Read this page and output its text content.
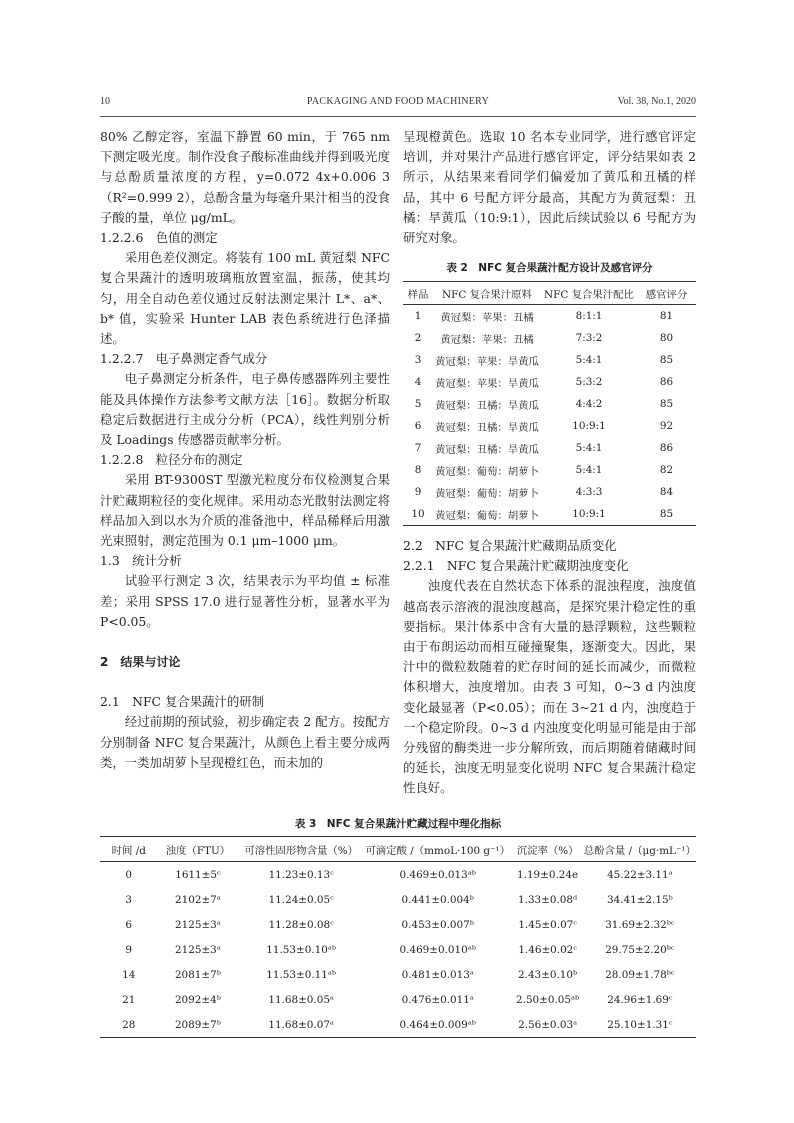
PACKAGING AND FOOD MACHINERY
10	Vol. 38, No.1, 2020

80% 乙醇定容，室温下静置 60 min，于 765 nm 下测定吸光度。制作没食子酸标准曲线并得到吸光度与总酚质量浓度的方程，y=0.072 4x+0.006 3（R²=0.999 2），总酚含量为每毫升果汁相当的没食子酸的量，单位 μg/mL。

1.2.2.6　色值的测定

采用色差仪测定。将装有 100 mL 黄冠梨 NFC 复合果蔬汁的透明玻璃瓶放置室温，振荡，使其均匀，用全自动色差仪通过反射法测定果汁 L*、a*、b* 值，实验采 Hunter LAB 表色系统进行色泽描述。

1.2.2.7　电子鼻测定香气成分

电子鼻测定分析条件，电子鼻传感器阵列主要性能及具体操作方法参考文献方法［16］。数据分析取稳定后数据进行主成分分析（PCA），线性判别分析及 Loadings 传感器贡献率分析。

1.2.2.8　粒径分布的测定

采用 BT-9300ST 型激光粒度分布仪检测复合果汁贮藏期粒径的变化规律。采用动态光散射法测定将样品加入到以水为介质的准备池中，样品稀释后用激光束照射，测定范围为 0.1 μm–1000 μm。

1.3　统计分析

试验平行测定 3 次，结果表示为平均值 ± 标准差；采用 SPSS 17.0 进行显著性分析，显著水平为 P<0.05。

2　结果与讨论

2.1　NFC 复合果蔬汁的研制

经过前期的预试验，初步确定表 2 配方。按配方分别制备 NFC 复合果蔬汁，从颜色上看主要分成两类，一类加胡萝卜呈现橙红色，而未加的

呈现橙黄色。选取 10 名本专业同学，进行感官评定培训，并对果汁产品进行感官评定，评分结果如表 2 所示，从结果来看同学们偏爱加了黄瓜和丑橘的样品，其中 6 号配方评分最高，其配方为黄冠梨：丑橘：旱黄瓜（10:9:1），因此后续试验以 6 号配方为研究对象。

表 2　NFC 复合果蔬汁配方设计及感官评分
样品	NFC 复合果汁原料	NFC 复合果汁配比	感官评分
1	黄冠梨：苹果：丑橘	8:1:1	81
2	黄冠梨：苹果：丑橘	7:3:2	80
3	黄冠梨：苹果：旱黄瓜	5:4:1	85
4	黄冠梨：苹果：旱黄瓜	5:3:2	86
5	黄冠梨：丑橘：旱黄瓜	4:4:2	85
6	黄冠梨：丑橘：旱黄瓜	10:9:1	92
7	黄冠梨：丑橘：旱黄瓜	5:4:1	86
8	黄冠梨：葡萄：胡萝卜	5:4:1	82
9	黄冠梨：葡萄：胡萝卜	4:3:3	84
10	黄冠梨：葡萄：胡萝卜	10:9:1	85

2.2　NFC 复合果蔬汁贮藏期品质变化

2.2.1　NFC 复合果蔬汁贮藏期浊度变化

浊度代表在自然状态下体系的混浊程度，浊度值越高表示溶液的混浊度越高，是探究果汁稳定性的重要指标。果汁体系中含有大量的悬浮颗粒，这些颗粒由于布朗运动而相互碰撞聚集，逐渐变大。因此，果汁中的微粒数随着的贮存时间的延长而减少，而微粒体积增大，浊度增加。由表 3 可知，0~3 d 内浊度变化最显著（P<0.05）；而在 3~21 d 内，浊度趋于一个稳定阶段。0~3 d 内浊度变化明显可能是由于部分残留的酶类进一步分解所致，而后期随着储藏时间的延长，浊度无明显变化说明 NFC 复合果蔬汁稳定性良好。

表 3　NFC 复合果蔬汁贮藏过程中理化指标
时间 /d	浊度（FTU）	可溶性固形物含量（%）	可滴定酸 /（mmoL·100 g⁻¹）	沉淀率（%）	总酚含量 /（μg·mL⁻¹）
0	1611±5ᶜ	11.23±0.13ᶜ	0.469±0.013ᵃᵇ	1.19±0.24e	45.22±3.11ᵃ
3	2102±7ᵃ	11.24±0.05ᶜ	0.441±0.004ᵇ	1.33±0.08ᵈ	34.41±2.15ᵇ
6	2125±3ᵃ	11.28±0.08ᶜ	0.453±0.007ᵇ	1.45±0.07ᶜ	31.69±2.32ᵇᶜ
9	2125±3ᵃ	11.53±0.10ᵃᵇ	0.469±0.010ᵃᵇ	1.46±0.02ᶜ	29.75±2.20ᵇᶜ
14	2081±7ᵇ	11.53±0.11ᵃᵇ	0.481±0.013ᵃ	2.43±0.10ᵇ	28.09±1.78ᵇᶜ
21	2092±4ᵇ	11.68±0.05ᵃ	0.476±0.011ᵃ	2.50±0.05ᵃᵇ	24.96±1.69ᶜ
28	2089±7ᵇ	11.68±0.07ᵃ	0.464±0.009ᵃᵇ	2.56±0.03ᵃ	25.10±1.31ᶜ
